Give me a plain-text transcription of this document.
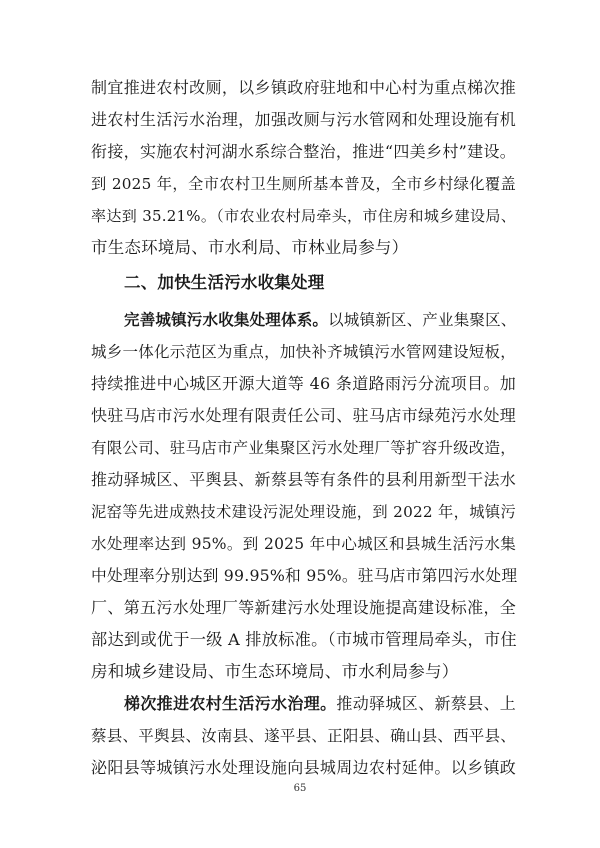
制宜推进农村改厕，以乡镇政府驻地和中心村为重点梯次推
进农村生活污水治理，加强改厕与污水管网和处理设施有机
衔接，实施农村河湖水系综合整治，推进“四美乡村”建设。
到 2025 年，全市农村卫生厕所基本普及，全市乡村绿化覆盖
率达到 35.21%。（市农业农村局牵头，市住房和城乡建设局、
市生态环境局、市水利局、市林业局参与）
二、加快生活污水收集处理
完善城镇污水收集处理体系。以城镇新区、产业集聚区、
城乡一体化示范区为重点，加快补齐城镇污水管网建设短板，
持续推进中心城区开源大道等 46 条道路雨污分流项目。加
快驻马店市污水处理有限责任公司、驻马店市绿苑污水处理
有限公司、驻马店市产业集聚区污水处理厂等扩容升级改造，
推动驿城区、平舆县、新蔡县等有条件的县利用新型干法水
泥窑等先进成熟技术建设污泥处理设施，到 2022 年，城镇污
水处理率达到 95%。到 2025 年中心城区和县城生活污水集
中处理率分别达到 99.95%和 95%。驻马店市第四污水处理
厂、第五污水处理厂等新建污水处理设施提高建设标准，全
部达到或优于一级 A 排放标准。（市城市管理局牵头，市住
房和城乡建设局、市生态环境局、市水利局参与）
梯次推进农村生活污水治理。推动驿城区、新蔡县、上
蔡县、平舆县、汝南县、遂平县、正阳县、确山县、西平县、
泌阳县等城镇污水处理设施向县城周边农村延伸。以乡镇政
65
